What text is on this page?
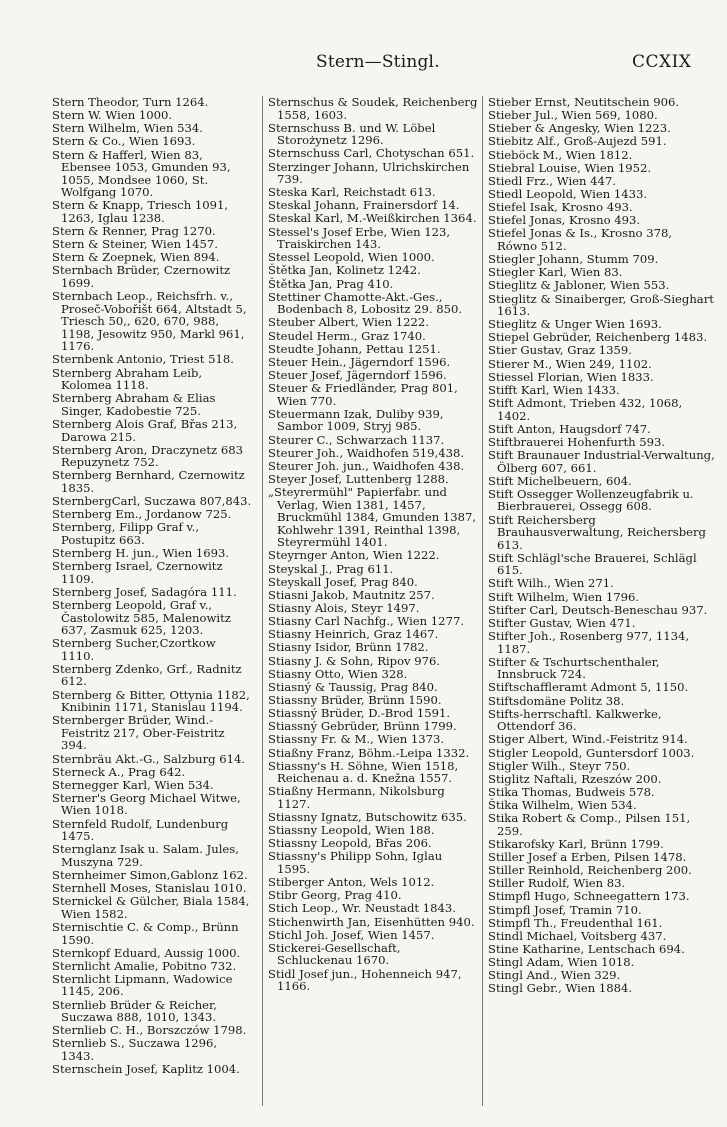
Stern—Stingl.	CCXIX
Stern Theodor, Turn 1264.
Stern W. Wien 1000.
Stern Wilhelm, Wien 534.
Stern & Co., Wien 1693.
Stern & Hafferl, Wien 83, Ebensee 1053, Gmunden 93, 1055, Mondsee 1060, St. Wolfgang 1070.
Stern & Knapp, Triesch 1091, 1263, Iglau 1238.
Stern & Renner, Prag 1270.
Stern & Steiner, Wien 1457.
Stern & Zoepnek, Wien 894.
Sternbach Brüder, Czernowitz 1699.
Sternbach Leop., Reichsfrh. v., Proseč-Vobořišt 664, Altstadt 5, Triesch 50,, 620, 670, 988, 1198, Jesowitz 950, Markl 961, 1176.
Sternbenk Antonio, Triest 518.
Sternberg Abraham Leib, Kolomea 1118.
Sternberg Abraham & Elias Singer, Kadobestie 725.
Sternberg Alois Graf, Břas 213, Darowa 215.
Sternberg Aron, Draczynetz 683 Repuzynetz 752.
Sternberg Bernhard, Czernowitz 1835.
SternbergCarl, Suczawa 807,843.
Sternberg Em., Jordanow 725.
Sternberg, Filipp Graf v., Postupitz 663.
Sternberg H. jun., Wien 1693.
Sternberg Israel, Czernowitz 1109.
Sternberg Josef, Sadagóra 111.
Sternberg Leopold, Graf v., Častolowitz 585, Malenowitz 637, Zasmuk 625, 1203.
Sternberg Sucher,Czortkow 1110.
Sternberg Zdenko, Grf., Radnitz 612.
Sternberg & Bitter, Ottynia 1182, Knibinin 1171, Stanislau 1194.
Sternberger Brüder, Wind.-Feistritz 217, Ober-Feistritz 394.
Sternbräu Akt.-G., Salzburg 614.
Sterneck A., Prag 642.
Sternegger Karl, Wien 534.
Sterner's Georg Michael Witwe, Wien 1018.
Sternfeld Rudolf, Lundenburg 1475.
Sternglanz Isak u. Salam. Jules, Muszyna 729.
Sternheimer Simon,Gablonz 162.
Sternhell Moses, Stanislau 1010.
Sternickel & Gülcher, Biala 1584, Wien 1582.
Sternischtie C. & Comp., Brünn 1590.
Sternkopf Eduard, Aussig 1000.
Sternlicht Amalie, Pobitno 732.
Sternlicht Lipmann, Wadowice 1145, 206.
Sternlieb Brüder & Reicher, Suczawa 888, 1010, 1343.
Sternlieb C. H., Borszczów 1798.
Sternlieb S., Suczawa 1296, 1343.
Sternschein Josef, Kaplitz 1004.
Sternschus & Soudek, Reichenberg 1558, 1603.
Sternschuss B. und W. Löbel Storożynetz 1296.
Sternschuss Carl, Chotyschan 651.
Sterzinger Johann, Ulrichskirchen 739.
Steska Karl, Reichstadt 613.
Steskal Johann, Frainersdorf 14.
Steskal Karl, M.-Weißkirchen 1364.
Stessel's Josef Erbe, Wien 123, Traiskirchen 143.
Stessel Leopold, Wien 1000.
Štětka Jan, Kolinetz 1242.
Štětka Jan, Prag 410.
Stettiner Chamotte-Akt.-Ges., Bodenbach 8, Lobositz 29. 850.
Steuber Albert, Wien 1222.
Steudel Herm., Graz 1740.
Steudte Johann, Pettau 1251.
Steuer Hein., Jägerndorf 1596.
Steuer Josef, Jägerndorf 1596.
Steuer & Friedländer, Prag 801, Wien 770.
Steuermann Izak, Duliby 939, Sambor 1009, Stryj 985.
Steurer C., Schwarzach 1137.
Steurer Joh., Waidhofen 519,438.
Steurer Joh. jun., Waidhofen 438.
Steyer Josef, Luttenberg 1288.
„Steyrermühl" Papierfabr. und Verlag, Wien 1381, 1457, Bruckmühl 1384, Gmunden 1387, Kohlwehr 1391, Reinthal 1398, Steyrermühl 1401.
Steyrnger Anton, Wien 1222.
Steyskal J., Prag 611.
Steyskall Josef, Prag 840.
Stiasni Jakob, Mautnitz 257.
Stiasny Alois, Steyr 1497.
Stiasny Carl Nachfg., Wien 1277.
Stiasny Heinrich, Graz 1467.
Stiasny Isidor, Brünn 1782.
Stiasny J. & Sohn, Ripov 976.
Stiasny Otto, Wien 328.
Stiasný & Taussig, Prag 840.
Stiassny Brüder, Brünn 1590.
Stiassný Brüder, D.-Brod 1591.
Stiassný Gebrüder, Brünn 1799.
Stiassny Fr. & M., Wien 1373.
Stiaßny Franz, Böhm.-Leipa 1332.
Stiassny's H. Söhne, Wien 1518, Reichenau a. d. Knežna 1557.
Stiaßny Hermann, Nikolsburg 1127.
Stiassny Ignatz, Butschowitz 635.
Stiassny Leopold, Wien 188.
Stiassny Leopold, Břas 206.
Stiassny's Philipp Sohn, Iglau 1595.
Stiberger Anton, Wels 1012.
Stibr Georg, Prag 410.
Stich Leop., Wr. Neustadt 1843.
Stichenwirth Jan, Eisenhütten 940.
Stichl Joh. Josef, Wien 1457.
Stickerei-Gesellschaft, Schluckenau 1670.
Stidl Josef jun., Hohenneich 947, 1166.
Stieber Ernst, Neutitschein 906.
Stieber Jul., Wien 569, 1080.
Stieber & Angesky, Wien 1223.
Stiebitz Alf., Groß-Aujezd 591.
Stieböck M., Wien 1812.
Stiebral Louise, Wien 1952.
Stiedl Frz., Wien 447.
Stiedl Leopold, Wien 1433.
Stiefel Isak, Krosno 493.
Stiefel Jonas, Krosno 493.
Stiefel Jonas & Is., Krosno 378, Równo 512.
Stiegler Johann, Stumm 709.
Stiegler Karl, Wien 83.
Stieglitz & Jabloner, Wien 553.
Stieglitz & Sinaiberger, Groß-Sieghart 1613.
Stieglitz & Unger Wien 1693.
Stiepel Gebrüder, Reichenberg 1483.
Stier Gustav, Graz 1359.
Stierer M., Wien 249, 1102.
Stiessel Florian, Wien 1833.
Stifft Karl, Wien 1433.
Stift Admont, Trieben 432, 1068, 1402.
Stift Anton, Haugsdorf 747.
Stiftbrauerei Hohenfurth 593.
Stift Braunauer Industrial-Verwaltung, Ölberg 607, 661.
Stift Michelbeuern, 604.
Stift Ossegger Wollenzeugfabrik u. Bierbrauerei, Ossegg 608.
Stift Reichersberg Brauhausverwaltung, Reichersberg 613.
Stift Schlägl'sche Brauerei, Schlägl 615.
Stift Wilh., Wien 271.
Stift Wilhelm, Wien 1796.
Stifter Carl, Deutsch-Beneschau 937.
Stifter Gustav, Wien 471.
Stifter Joh., Rosenberg 977, 1134, 1187.
Stifter & Tschurtschenthaler, Innsbruck 724.
Stiftschaffleramt Admont 5, 1150.
Stiftsdomäne Politz 38.
Stifts-herrschaftl. Kalkwerke, Ottendorf 36.
Stiger Albert, Wind.-Feistritz 914.
Stigler Leopold, Guntersdorf 1003.
Stigler Wilh., Steyr 750.
Stiglitz Naftali, Rzeszów 200.
Stika Thomas, Budweis 578.
Štika Wilhelm, Wien 534.
Stika Robert & Comp., Pilsen 151, 259.
Stikarofsky Karl, Brünn 1799.
Stiller Josef a Erben, Pilsen 1478.
Stiller Reinhold, Reichenberg 200.
Stiller Rudolf, Wien 83.
Stimpfl Hugo, Schneegattern 173.
Stimpfl Josef, Tramin 710.
Stimpfl Th., Freudenthal 161.
Stindl Michael, Voitsberg 437.
Stine Katharine, Lentschach 694.
Stingl Adam, Wien 1018.
Stingl And., Wien 329.
Stingl Gebr., Wien 1884.
